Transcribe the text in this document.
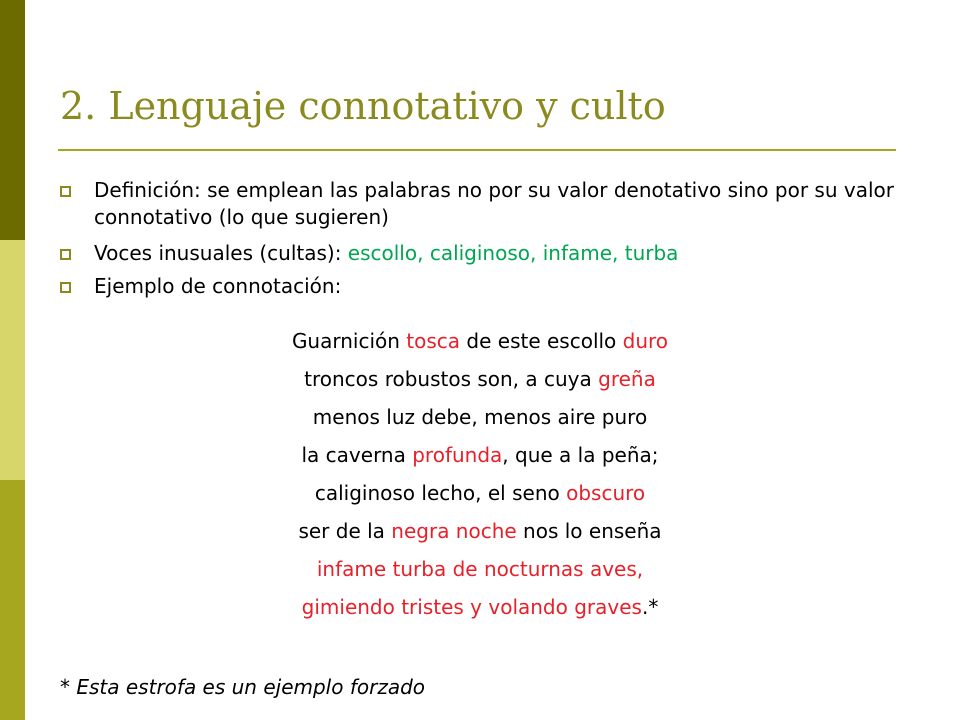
2. Lenguaje connotativo y culto
Definición: se emplean las palabras no por su valor denotativo sino por su valor connotativo (lo que sugieren)
Voces inusuales (cultas): escollo, caliginoso, infame, turba
Ejemplo de connotación:
Guarnición tosca de este escollo duro
troncos robustos son, a cuya greña
menos luz debe, menos aire puro
la caverna profunda, que a la peña;
caliginoso lecho, el seno obscuro
ser de la negra noche nos lo enseña
infame turba de nocturnas aves,
gimiendo tristes y volando graves.*
* Esta estrofa es un ejemplo forzado
